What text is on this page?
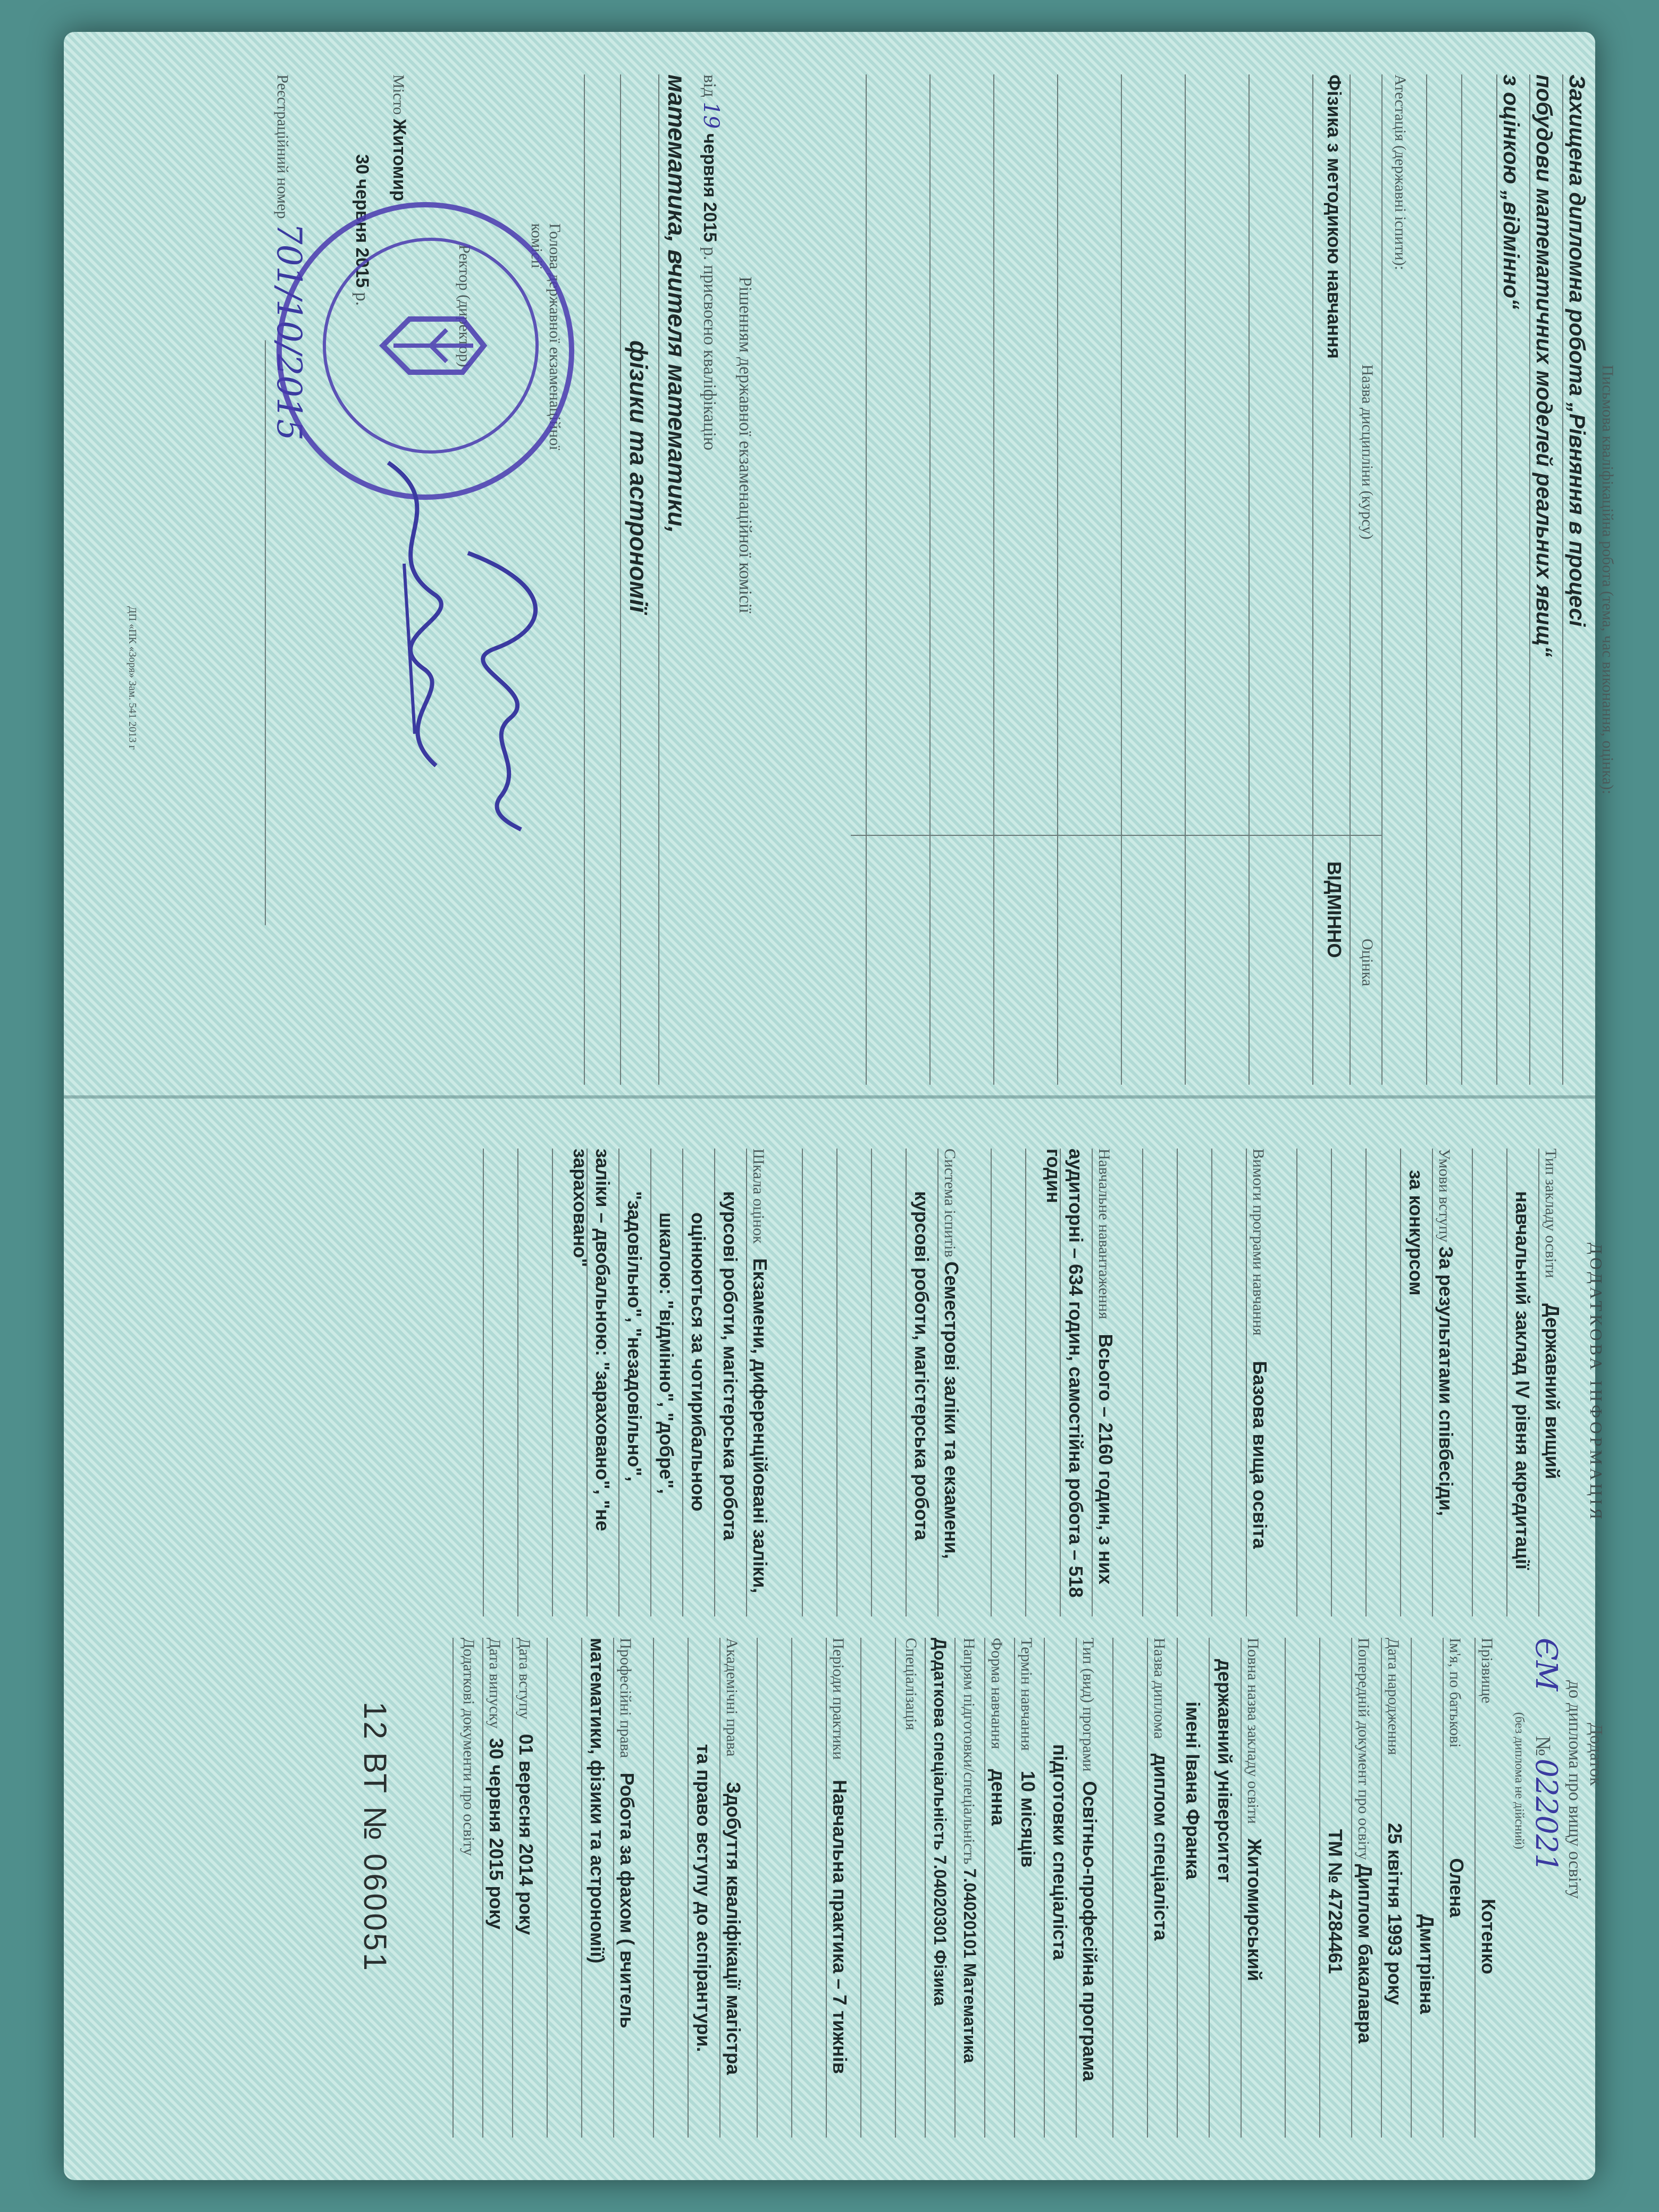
Письмова кваліфікаційна робота (тема, час виконання, оцінка):
Захищена дипломна робота „Рівняння в процесі
побудови математичних моделей реальних явищ“
з оцінкою „відмінно“
Атестація (державні іспити):
Назва дисципліни (курсу)
Оцінка
Фізика з методикою навчання
ВІДМІННО
Рішенням державної екзаменаційної комісії
від 19 червня 2015 р. присвоєно кваліфікацію
математика, вчителя математики,
фізики та астрономії
Голова державної екзаменаційної комісії
Ректор (директор)
Місто Житомир
30 червня 2015 р.
Реєстраційний номер 701/10/2015
ДП «ПК «Зоря» Зам. 541 2013 г
ДОДАТКОВА ІНФОРМАЦІЯ
Тип закладу освіти Державний вищий
навчальний заклад IV рівня акредитації
Умови вступу За результатами співбесіди,
за конкурсом
Вимоги програми навчання Базова вища освіта
Навчальне навантаження Всього – 2160 годин, з них
аудиторні – 634 годин, самостійна робота – 518 годин
Система іспитів Семестрові заліки та екзамени,
курсові роботи, магістерська робота
Шкала оцінок Екзамени, диференційовані заліки,
курсові роботи, магістерська робота
оцінюються за чотирибальною
шкалою: "відмінно", "добре",
"задовільно", "незадовільно",
заліки – двобальною: "зараховано", "не зараховано"
Додаток
до диплома про вищу освіту
ЄМ № 022021
(без диплома не дійсний)
Прізвище Котенко
Ім'я, по батькові Олена
Дмитрівна
Дата народження 25 квітня 1993 року
Попередній документ про освіту Диплом бакалавра
ТМ № 47284461
Повна назва закладу освіти Житомирський
державний університет
імені Івана Франка
Назва диплома диплом спеціаліста
Тип (вид) програми Освітньо-професійна програма
підготовки спеціаліста
Термін навчання 10 місяців
Форма навчання денна
Напрям підготовки/спеціальність 7.04020101 Математика
Додаткова спеціальність 7.04020301 Фізика
Спеціалізація
Періоди практики Навчальна практика – 7 тижнів
Академічні права Здобуття кваліфікації магістра
та право вступу до аспірантури.
Професійні права Робота за фахом ( вчитель
математики, фізики та астрономії)
Дата вступу 01 вересня 2014 року
Дата випуску 30 червня 2015 року
Додаткові документи про освіту
12 ВТ № 060051
